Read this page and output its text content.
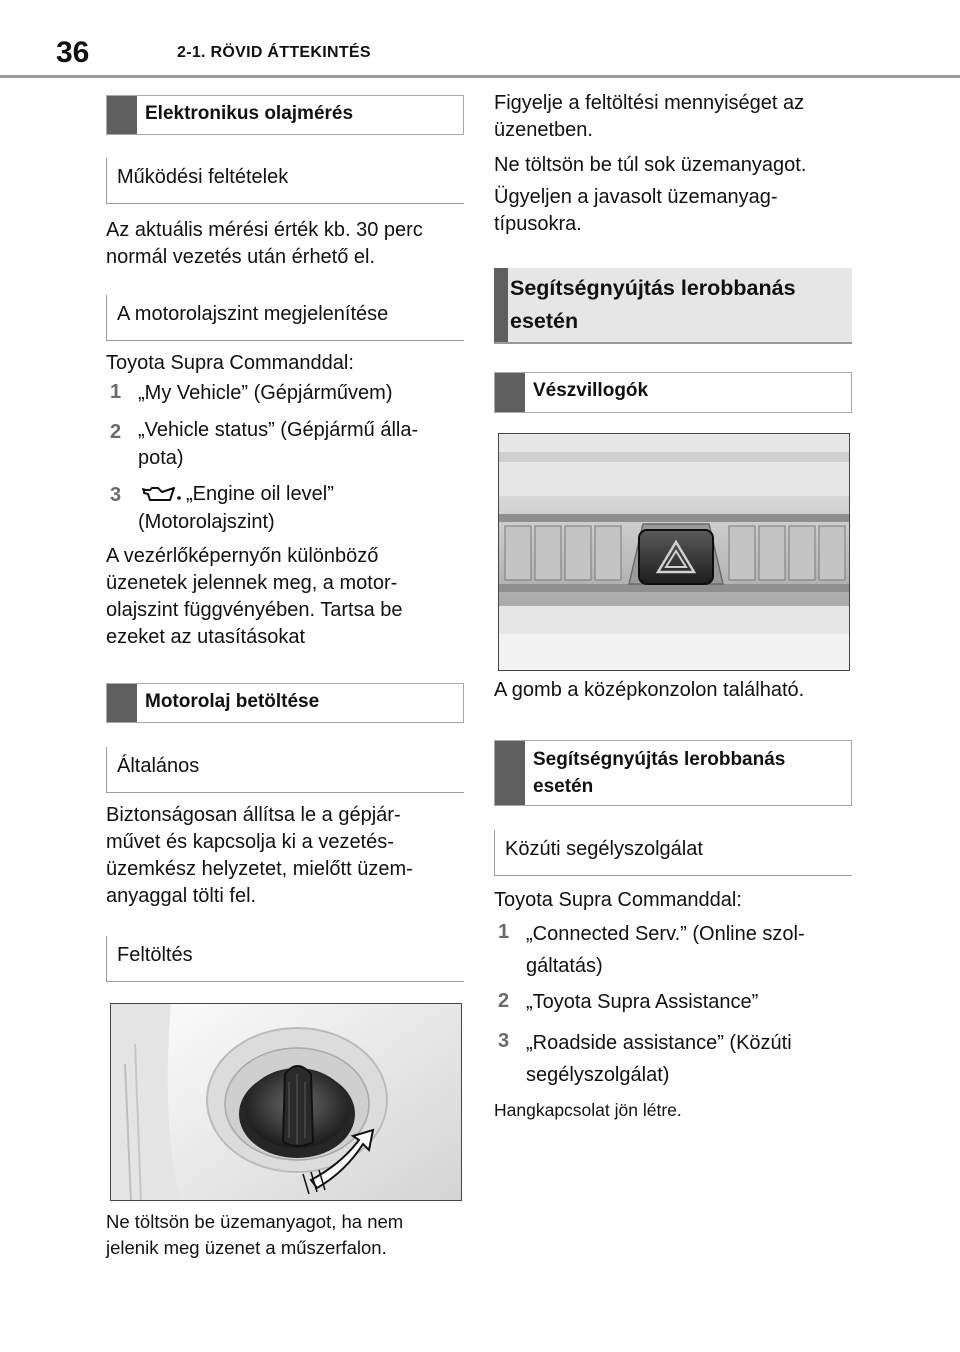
36	2-1. RÖVID ÁTTEKINTÉS
Elektronikus olajmérés
Működési feltételek
Az aktuális mérési érték kb. 30 perc
normál vezetés után érhető el.
A motorolajszint megjelenítése
Toyota Supra Commanddal:
1 „My Vehicle” (Gépjárművem)
2 „Vehicle status” (Gépjármű álla-
pota)
3	„Engine oil level”
(Motorolajszint)
A vezérlőképernyőn különböző
üzenetek jelennek meg, a motor-
olajszint függvényében. Tartsa be
ezeket az utasításokat
Motorolaj betöltése
Általános
Biztonságosan állítsa le a gépjár-
művet és kapcsolja ki a vezetés-
üzemkész helyzetet, mielőtt üzem-
anyaggal tölti fel.
Feltöltés
Ne töltsön be üzemanyagot, ha nem
jelenik meg üzenet a műszerfalon.
Figyelje a feltöltési mennyiséget az
üzenetben.
Ne töltsön be túl sok üzemanyagot.
Ügyeljen a javasolt üzemanyag-
típusokra.
Segítségnyújtás lerobbanás
esetén
Vészvillogók
A gomb a középkonzolon található.
Segítségnyújtás lerobbanás
esetén
Közúti segélyszolgálat
Toyota Supra Commanddal:
1 „Connected Serv.” (Online szol-
gáltatás)
2 „Toyota Supra Assistance”
3 „Roadside assistance” (Közúti
segélyszolgálat)
Hangkapcsolat jön létre.
